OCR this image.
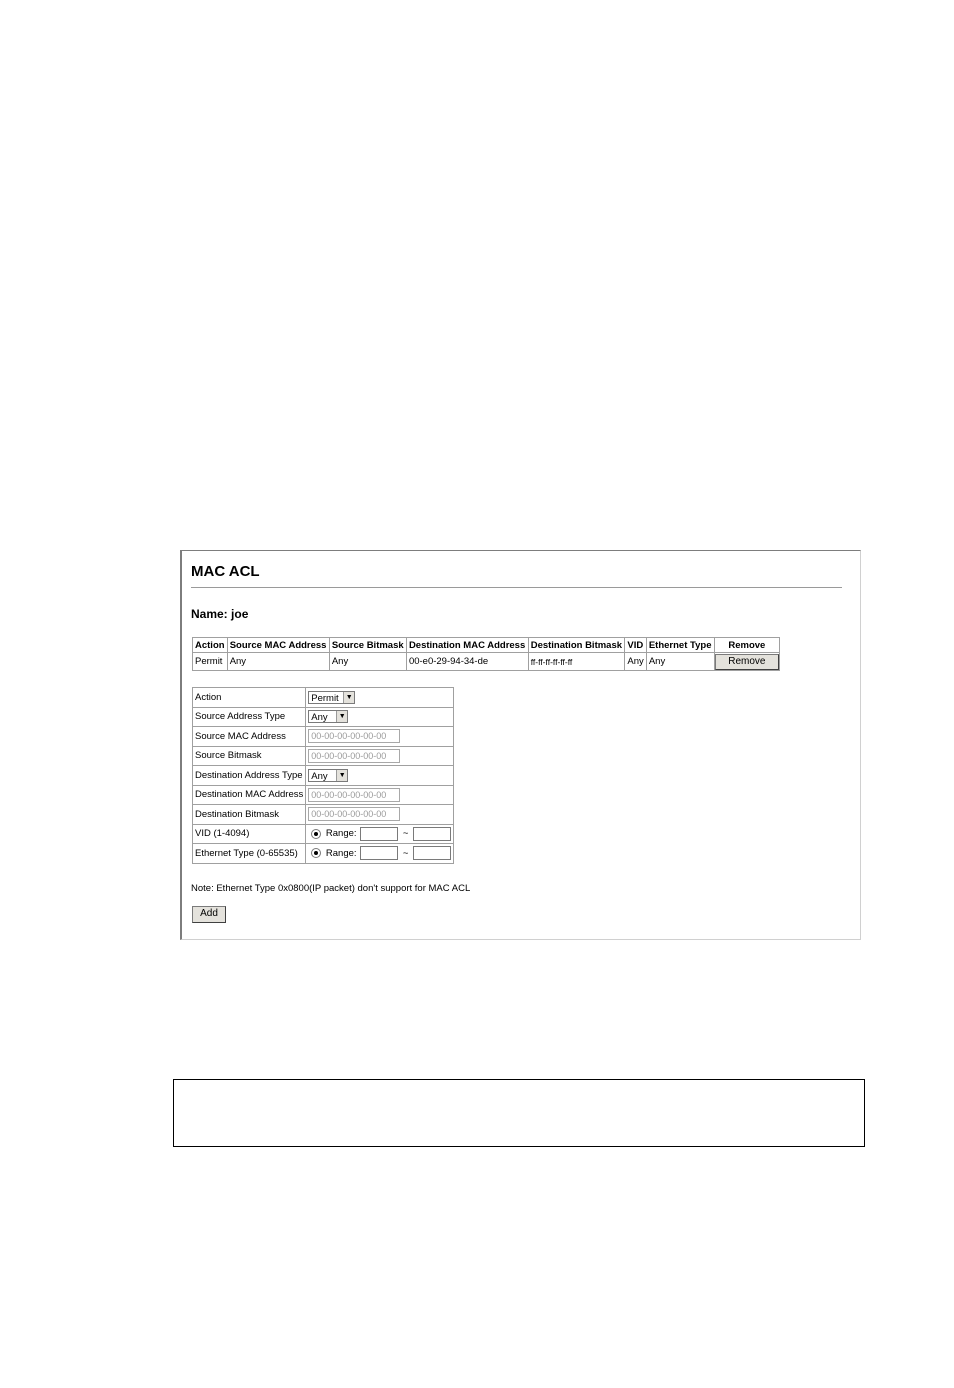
MAC ACL
Name: joe
Action	Source MAC Address	Source Bitmask	Destination MAC Address	Destination Bitmask	VID	Ethernet Type	Remove
Permit	Any	Any	00-e0-29-94-34-de	ff-ff-ff-ff-ff-ff	Any	Any	Remove
Action	Permit ▼

Source Address Type	Any ▼

Source MAC Address	00-00-00-00-00-00
Source Bitmask	00-00-00-00-00-00
Destination Address Type	Any ▼

Destination MAC Address	00-00-00-00-00-00
Destination Bitmask	00-00-00-00-00-00
VID (1-4094)	Range: ~
Ethernet Type (0-65535)	Range: ~
Note: Ethernet Type 0x0800(IP packet) don't support for MAC ACL
Add
